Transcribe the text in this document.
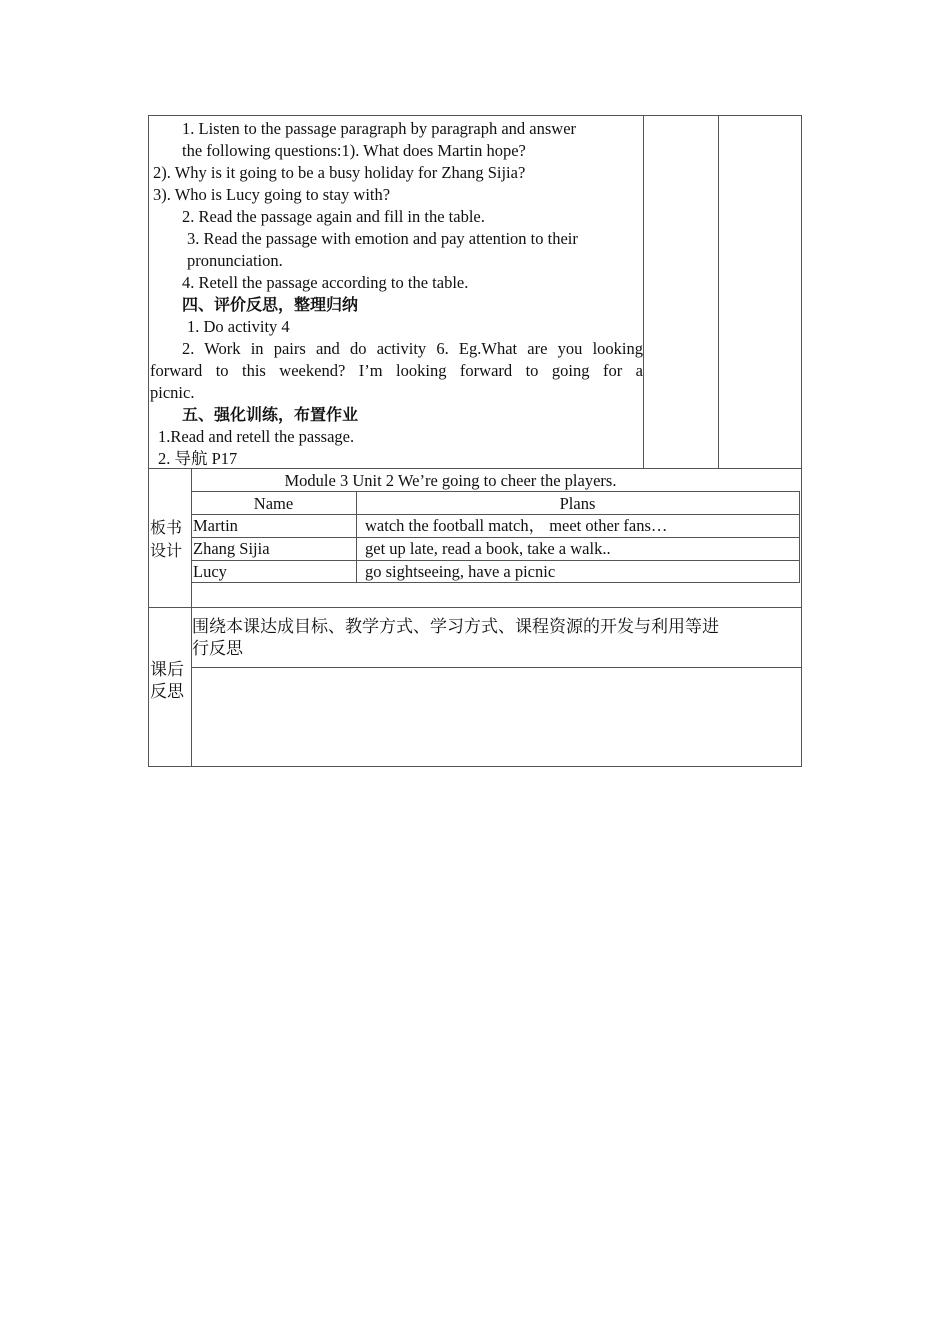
1. Listen to the passage paragraph by paragraph and answer
the following questions:1). What does Martin hope?
2). Why is it going to be a busy holiday for Zhang Sijia?
3). Who is Lucy going to stay with?
2. Read the passage again and fill in the table.
3. Read the passage with emotion and pay attention to their
pronunciation.
4. Retell the passage according to the table.
四、评价反思，整理归纳
1. Do activity 4
2. Work in pairs and do activity 6. Eg.What are you looking
forward to this weekend? I’m looking forward to going for a
picnic.
五、强化训练，布置作业
1.Read and retell the passage.
2. 导航 P17
板书
设计
Module 3 Unit 2 We’re going to cheer the players.
Name	Plans
Martin	watch the football match， meet other fans…
Zhang Sijia	get up late, read a book, take a walk..
Lucy	go sightseeing, have a picnic
课后
反思
围绕本课达成目标、教学方式、学习方式、课程资源的开发与利用等进
行反思
